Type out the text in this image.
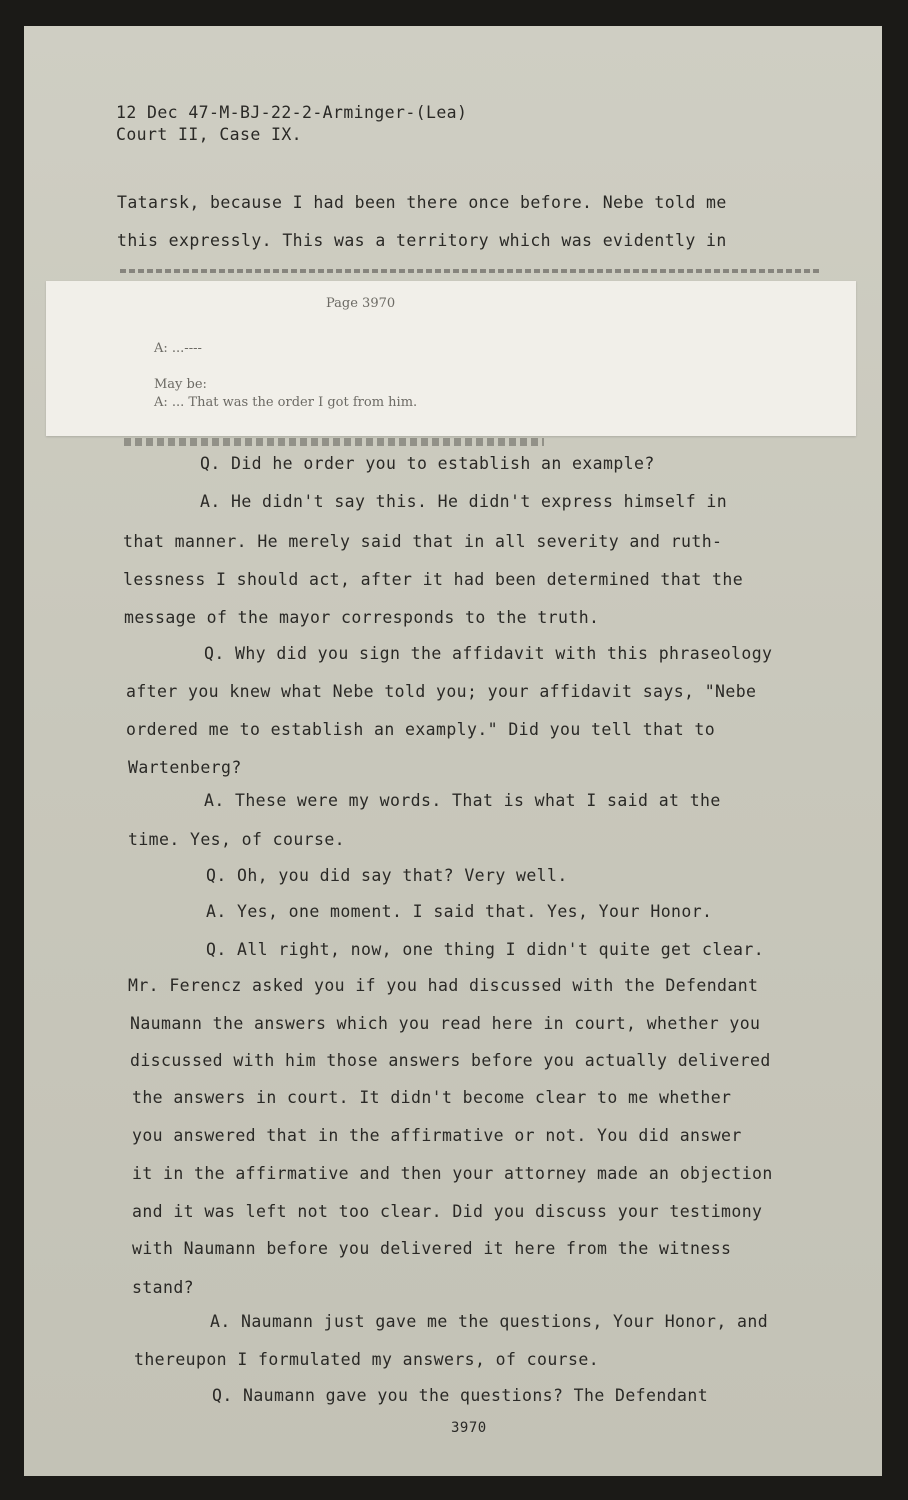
12 Dec 47-M-BJ-22-2-Arminger-(Lea)
Court II, Case IX.
Tatarsk, because I had been there once before. Nebe told me
this expressly. This was a territory which was evidently in
Q. Did he order you to establish an example?
A. He didn't say this. He didn't express himself in
that manner. He merely said that in all severity and ruth-
lessness I should act, after it had been determined that the
message of the mayor corresponds to the truth.
Q. Why did you sign the affidavit with this phraseology
after you knew what Nebe told you; your affidavit says, "Nebe
ordered me to establish an examply." Did you tell that to
Wartenberg?
A. These were my words. That is what I said at the
time. Yes, of course.
Q. Oh, you did say that? Very well.
A. Yes, one moment. I said that. Yes, Your Honor.
Q. All right, now, one thing I didn't quite get clear.
Mr. Ferencz asked you if you had discussed with the Defendant
Naumann the answers which you read here in court, whether you
discussed with him those answers before you actually delivered
the answers in court. It didn't become clear to me whether
you answered that in the affirmative or not. You did answer
it in the affirmative and then your attorney made an objection
and it was left not too clear. Did you discuss your testimony
with Naumann before you delivered it here from the witness
stand?
A. Naumann just gave me the questions, Your Honor, and
thereupon I formulated my answers, of course.
Q. Naumann gave you the questions? The Defendant
Page 3970
A: ...----
May be:
A: ... That was the order I got from him.
3970
